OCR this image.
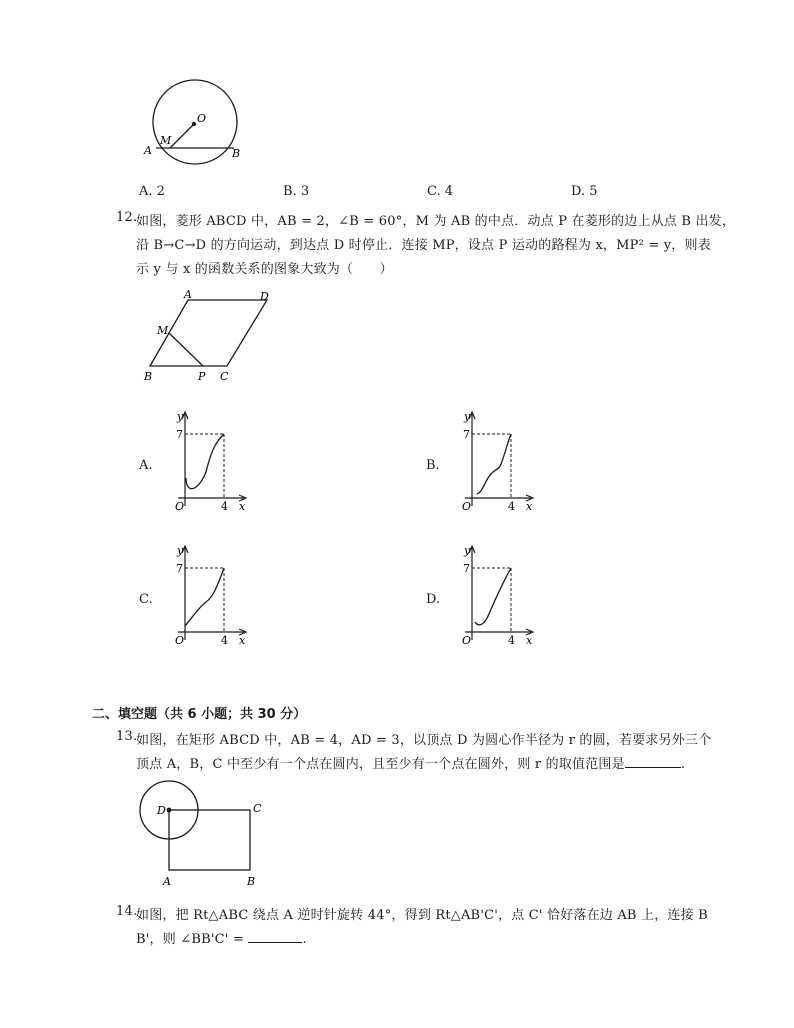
O
M
A	B
A. 2	B. 3	C. 4	D. 5
12.
如图，菱形 ABCD 中，AB = 2，∠B = 60°，M 为 AB 的中点．动点 P 在菱形的边上从点 B 出发，
沿 B→C→D 的方向运动，到达点 D 时停止．连接 MP，设点 P 运动的路程为 x，MP² = y，则表
示 y 与 x 的函数关系的图象大致为（　　）
A	D
M
B	P C
A.
y
7
O	4 x
B.
y
7
O	4 x
C.
y
7
O	4 x
D.
y
7
O	4 x
二、填空题（共 6 小题；共 30 分）
13.
如图，在矩形 ABCD 中，AB = 4，AD = 3，以顶点 D 为圆心作半径为 r 的圆，若要求另外三个
顶点 A，B，C 中至少有一个点在圆内，且至少有一个点在圆外，则 r 的取值范围是	.
D	C
A	B
14.
如图，把 Rt△ABC 绕点 A 逆时针旋转 44°，得到 Rt△AB'C'，点 C' 恰好落在边 AB 上，连接 B
B'，则 ∠BB'C' =	.
